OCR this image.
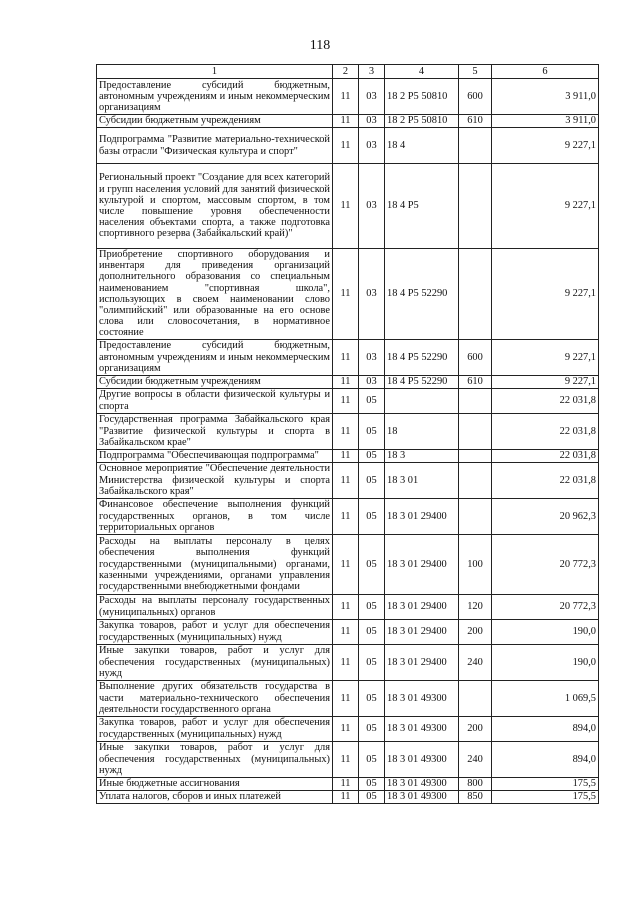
118
1	2	3	4	5	6
Предоставление субсидий бюджетным, автономным учреждениям и иным некоммерческим организациям	11	03	18 2 P5 50810	600	3 911,0
Субсидии бюджетным учреждениям	11	03	18 2 P5 50810	610	3 911,0
Подпрограмма "Развитие материально-технической базы отрасли "Физическая культура и спорт"	11	03	18 4		9 227,1
Региональный проект "Создание для всех категорий и групп населения условий для занятий физической культурой и спортом, массовым спортом, в том числе повышение уровня обеспеченности населения объектами спорта, а также подготовка спортивного резерва (Забайкальский край)"	11	03	18 4 P5		9 227,1
Приобретение спортивного оборудования и инвентаря для приведения организаций дополнительного образования со специальным наименованием "спортивная школа", использующих в своем наименовании слово "олимпийский" или образованные на его основе слова или словосочетания, в нормативное состояние	11	03	18 4 P5 52290		9 227,1
Предоставление субсидий бюджетным, автономным учреждениям и иным некоммерческим организациям	11	03	18 4 P5 52290	600	9 227,1
Субсидии бюджетным учреждениям	11	03	18 4 P5 52290	610	9 227,1
Другие вопросы в области физической культуры и спорта	11	05			22 031,8
Государственная программа Забайкальского края "Развитие физической культуры и спорта в Забайкальском крае"	11	05	18		22 031,8
Подпрограмма "Обеспечивающая подпрограмма"	11	05	18 3		22 031,8
Основное мероприятие "Обеспечение деятельности Министерства физической культуры и спорта Забайкальского края"	11	05	18 3 01		22 031,8
Финансовое обеспечение выполнения функций государственных органов, в том числе территориальных органов	11	05	18 3 01 29400		20 962,3
Расходы на выплаты персоналу в целях обеспечения выполнения функций государственными (муниципальными) органами, казенными учреждениями, органами управления государственными внебюджетными фондами	11	05	18 3 01 29400	100	20 772,3
Расходы на выплаты персоналу государственных (муниципальных) органов	11	05	18 3 01 29400	120	20 772,3
Закупка товаров, работ и услуг для обеспечения государственных (муниципальных) нужд	11	05	18 3 01 29400	200	190,0
Иные закупки товаров, работ и услуг для обеспечения государственных (муниципальных) нужд	11	05	18 3 01 29400	240	190,0
Выполнение других обязательств государства в части материально-технического обеспечения деятельности государственного органа	11	05	18 3 01 49300		1 069,5
Закупка товаров, работ и услуг для обеспечения государственных (муниципальных) нужд	11	05	18 3 01 49300	200	894,0
Иные закупки товаров, работ и услуг для обеспечения государственных (муниципальных) нужд	11	05	18 3 01 49300	240	894,0
Иные бюджетные ассигнования	11	05	18 3 01 49300	800	175,5
Уплата налогов, сборов и иных платежей	11	05	18 3 01 49300	850	175,5
